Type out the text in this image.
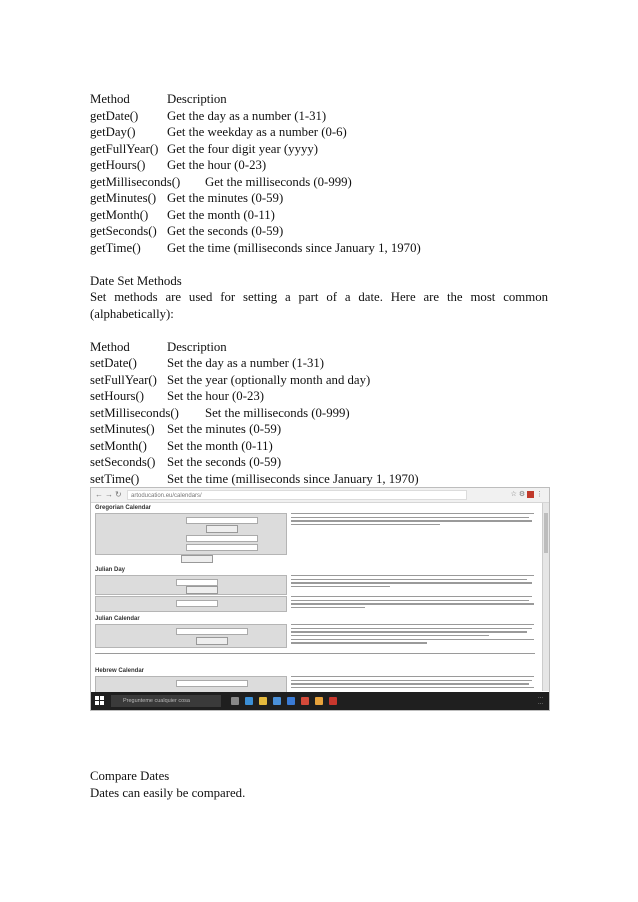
Method	Description
getDate() Get the day as a number (1-31)
getDay() Get the weekday as a number (0-6)
getFullYear() Get the four digit year (yyyy)
getHours() Get the hour (0-23)
getMilliseconds() Get the milliseconds (0-999)
getMinutes() Get the minutes (0-59)
getMonth() Get the month (0-11)
getSeconds() Get the seconds (0-59)
getTime() Get the time (milliseconds since January 1, 1970)
Date Set Methods
Set methods are used for setting a part of a date. Here are the most common (alphabetically):
Method	Description
setDate() Set the day as a number (1-31)
setFullYear() Set the year (optionally month and day)
setHours() Set the hour (0-23)
setMilliseconds() Set the milliseconds (0-999)
setMinutes() Set the minutes (0-59)
setMonth() Set the month (0-11)
setSeconds() Set the seconds (0-59)
setTime() Set the time (milliseconds since January 1, 1970)
← → ↻	artoducation.eu/calendars/	☆ ⚙  ⋮
Gregorian Calendar
Julian Day
Julian Calendar
Hebrew Calendar
Pregunteme cualquier cosa	···
···
Compare Dates
Dates can easily be compared.
